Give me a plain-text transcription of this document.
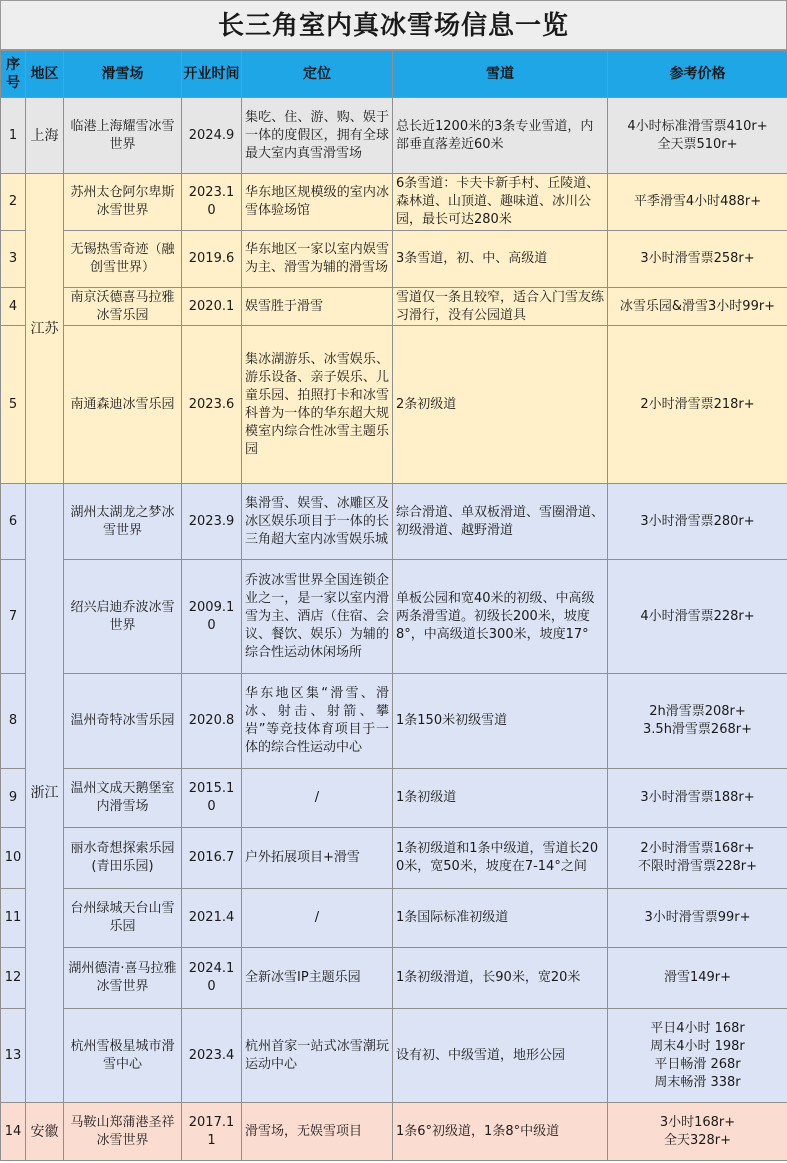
长三角室内真冰雪场信息一览
序号	地区	滑雪场	开业时间	定位	雪道	参考价格
1	上海	临港上海耀雪冰雪世界	2024.9	集吃、住、游、购、娱于一体的度假区，拥有全球最大室内真雪滑雪场	总长近1200米的3条专业雪道，内部垂直落差近60米	4小时标准滑雪票410r+
全天票510r+

2	江苏	苏州太仓阿尔卑斯冰雪世界	2023.10	华东地区规模级的室内冰雪体验场馆	6条雪道：卡夫卡新手村、丘陵道、森林道、山顶道、趣味道、冰川公园，最长可达280米	平季滑雪4小时488r+

3		无锡热雪奇迹（融创雪世界）	2019.6	华东地区一家以室内娱雪为主、滑雪为辅的滑雪场	3条雪道，初、中、高级道	3小时滑雪票258r+

4		南京沃德喜马拉雅冰雪乐园	2020.1	娱雪胜于滑雪	雪道仅一条且较窄，适合入门雪友练习滑行，没有公园道具	冰雪乐园&滑雪3小时99r+

5		南通森迪冰雪乐园	2023.6	集冰湖游乐、冰雪娱乐、游乐设备、亲子娱乐、儿童乐园、拍照打卡和冰雪科普为一体的华东超大规模室内综合性冰雪主题乐园	2条初级道	2小时滑雪票218r+

6	浙江	湖州太湖龙之梦冰雪世界	2023.9	集滑雪、娱雪、冰雕区及冰区娱乐项目于一体的长三角超大室内冰雪娱乐城	综合滑道、单双板滑道、雪圈滑道、初级滑道、越野滑道	3小时滑雪票280r+

7		绍兴启迪乔波冰雪世界	2009.10	乔波冰雪世界全国连锁企业之一，是一家以室内滑雪为主、酒店（住宿、会议、餐饮、娱乐）为辅的综合性运动休闲场所	单板公园和宽40米的初级、中高级两条滑雪道。初级长200米，坡度8°，中高级道长300米，坡度17°	4小时滑雪票228r+

8		温州奇特冰雪乐园	2020.8	华东地区集“滑雪、滑冰、射击、射箭、攀岩”等竞技体育项目于一体的综合性运动中心	1条150米初级雪道	2h滑雪票208r+
3.5h滑雪票268r+

9		温州文成天鹅堡室内滑雪场	2015.10	/	1条初级道	3小时滑雪票188r+

10		丽水奇想探索乐园(青田乐园)	2016.7	户外拓展项目+滑雪	1条初级道和1条中级道，雪道长200米，宽50米，坡度在7-14°之间	2小时滑雪票168r+
不限时滑雪票228r+

11		台州绿城天台山雪乐园	2021.4	/	1条国际标准初级道	3小时滑雪票99r+

12		湖州德清·喜马拉雅冰雪世界	2024.10	全新冰雪IP主题乐园	1条初级滑道，长90米，宽20米	滑雪149r+

13		杭州雪极星城市滑雪中心	2023.4	杭州首家一站式冰雪潮玩运动中心	设有初、中级雪道，地形公园	平日4小时 168r
周末4小时 198r
平日畅滑 268r
周末畅滑 338r

14	安徽	马鞍山郑蒲港圣祥冰雪世界	2017.11	滑雪场，无娱雪项目	1条6°初级道，1条8°中级道	3小时168r+
全天328r+
